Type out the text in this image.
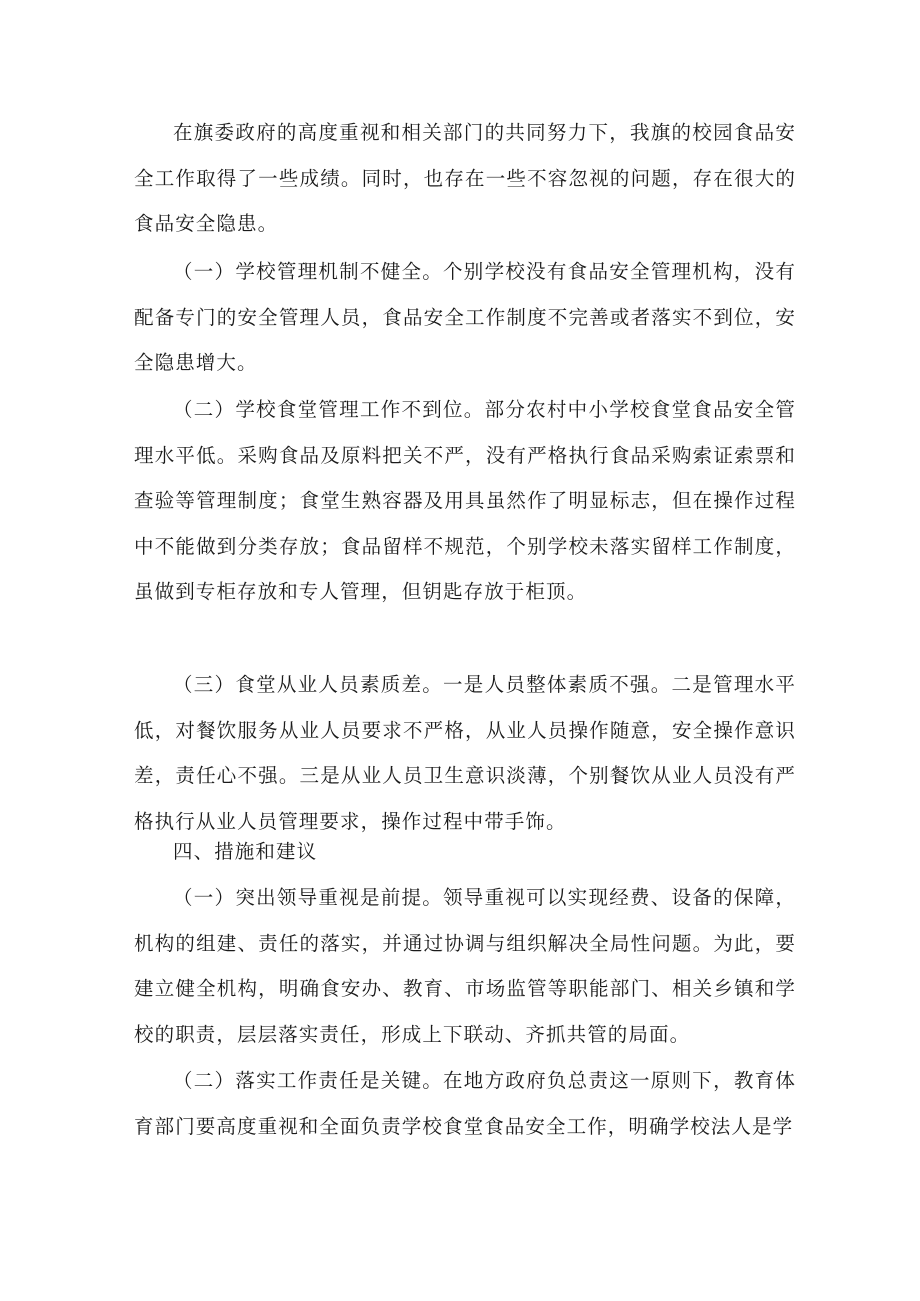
在旗委政府的高度重视和相关部门的共同努力下，我旗的校园食品安全工作取得了一些成绩。同时，也存在一些不容忽视的问题，存在很大的食品安全隐患。

（一）学校管理机制不健全。个别学校没有食品安全管理机构，没有配备专门的安全管理人员，食品安全工作制度不完善或者落实不到位，安全隐患增大。

（二）学校食堂管理工作不到位。部分农村中小学校食堂食品安全管理水平低。采购食品及原料把关不严，没有严格执行食品采购索证索票和查验等管理制度；食堂生熟容器及用具虽然作了明显标志，但在操作过程中不能做到分类存放；食品留样不规范，个别学校未落实留样工作制度，虽做到专柜存放和专人管理，但钥匙存放于柜顶。

（三）食堂从业人员素质差。一是人员整体素质不强。二是管理水平低，对餐饮服务从业人员要求不严格，从业人员操作随意，安全操作意识差，责任心不强。三是从业人员卫生意识淡薄，个别餐饮从业人员没有严格执行从业人员管理要求，操作过程中带手饰。

四、措施和建议

（一）突出领导重视是前提。领导重视可以实现经费、设备的保障，机构的组建、责任的落实，并通过协调与组织解决全局性问题。为此，要建立健全机构，明确食安办、教育、市场监管等职能部门、相关乡镇和学校的职责，层层落实责任，形成上下联动、齐抓共管的局面。

（二）落实工作责任是关键。在地方政府负总责这一原则下，教育体育部门要高度重视和全面负责学校食堂食品安全工作，明确学校法人是学
